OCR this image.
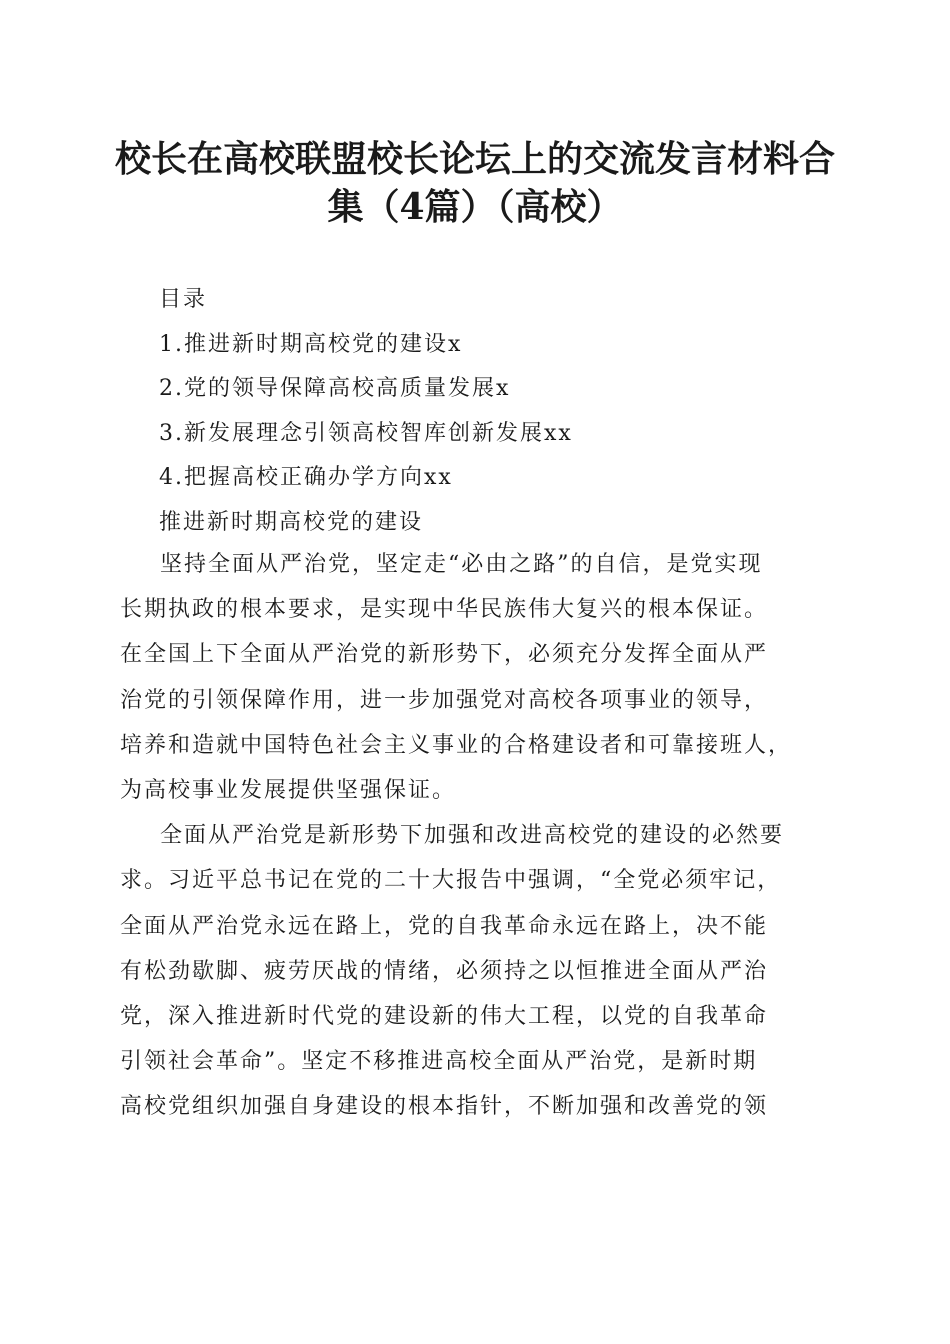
校长在高校联盟校长论坛上的交流发言材料合
集（4篇）（高校）
目录
1.推进新时期高校党的建设x
2.党的领导保障高校高质量发展x
3.新发展理念引领高校智库创新发展xx
4.把握高校正确办学方向xx
推进新时期高校党的建设

坚持全面从严治党，坚定走“必由之路”的自信，是党实现
长期执政的根本要求，是实现中华民族伟大复兴的根本保证。
在全国上下全面从严治党的新形势下，必须充分发挥全面从严
治党的引领保障作用，进一步加强党对高校各项事业的领导，
培养和造就中国特色社会主义事业的合格建设者和可靠接班人，
为高校事业发展提供坚强保证。

全面从严治党是新形势下加强和改进高校党的建设的必然要
求。习近平总书记在党的二十大报告中强调，“全党必须牢记，
全面从严治党永远在路上，党的自我革命永远在路上，决不能
有松劲歇脚、疲劳厌战的情绪，必须持之以恒推进全面从严治
党，深入推进新时代党的建设新的伟大工程，以党的自我革命
引领社会革命”。坚定不移推进高校全面从严治党，是新时期
高校党组织加强自身建设的根本指针，不断加强和改善党的领
